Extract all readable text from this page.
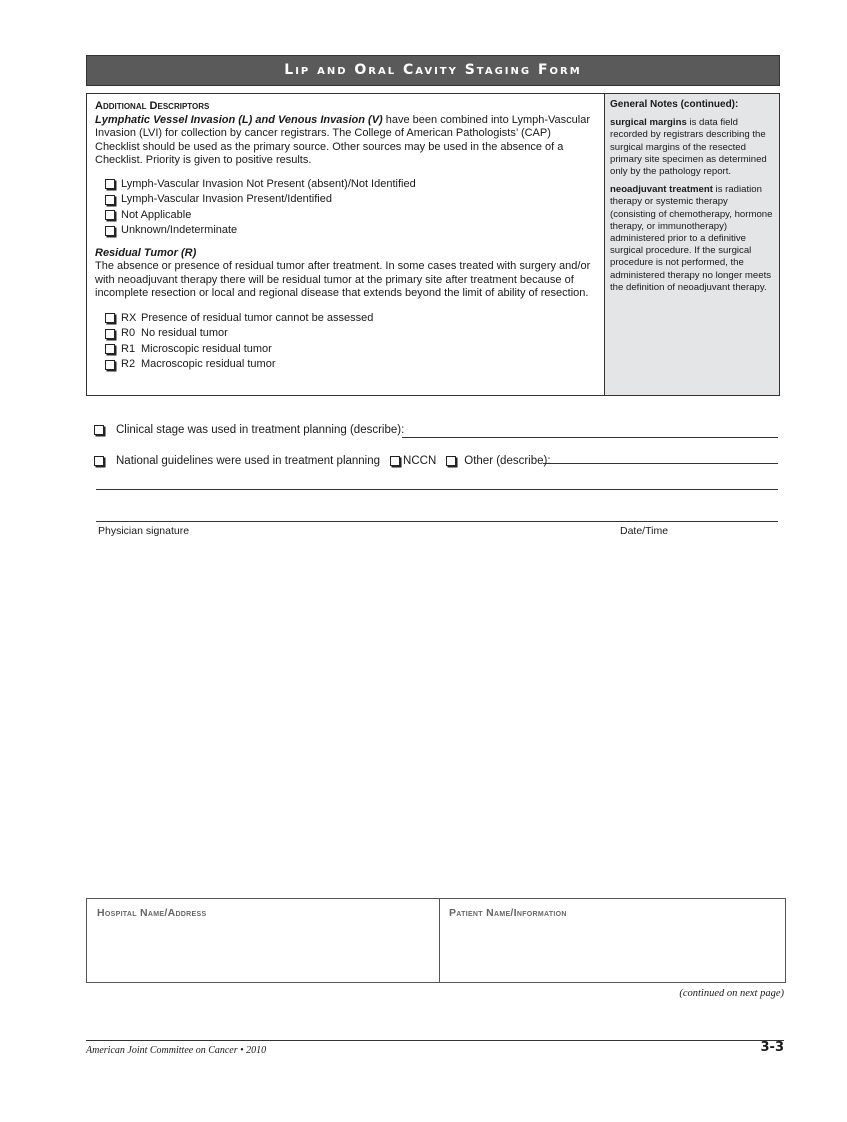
Lip and Oral Cavity Staging Form
Additional Descriptors
Lymphatic Vessel Invasion (L) and Venous Invasion (V) have been combined into Lymph-Vascular Invasion (LVI) for collection by cancer registrars. The College of American Pathologists’ (CAP) Checklist should be used as the primary source. Other sources may be used in the absence of a Checklist. Priority is given to positive results.
Lymph-Vascular Invasion Not Present (absent)/Not Identified
Lymph-Vascular Invasion Present/Identified
Not Applicable
Unknown/Indeterminate
Residual Tumor (R)
The absence or presence of residual tumor after treatment. In some cases treated with surgery and/or with neoadjuvant therapy there will be residual tumor at the primary site after treatment because of incomplete resection or local and regional disease that extends beyond the limit of ability of resection.
RX Presence of residual tumor cannot be assessed
R0 No residual tumor
R1 Microscopic residual tumor
R2 Macroscopic residual tumor
General Notes (continued):
surgical margins is data field recorded by registrars describing the surgical margins of the resected primary site specimen as determined only by the pathology report.
neoadjuvant treatment is radiation therapy or systemic therapy (consisting of chemotherapy, hormone therapy, or immunotherapy) administered prior to a definitive surgical procedure. If the surgical procedure is not performed, the administered therapy no longer meets the definition of neoadjuvant therapy.
Clinical stage was used in treatment planning (describe):
National guidelines were used in treatment planning NCCN Other (describe):
Physician signature	Date/Time
Hospital Name/Address	Patient Name/Information
(continued on next page)
American Joint Committee on Cancer • 2010	3-3
